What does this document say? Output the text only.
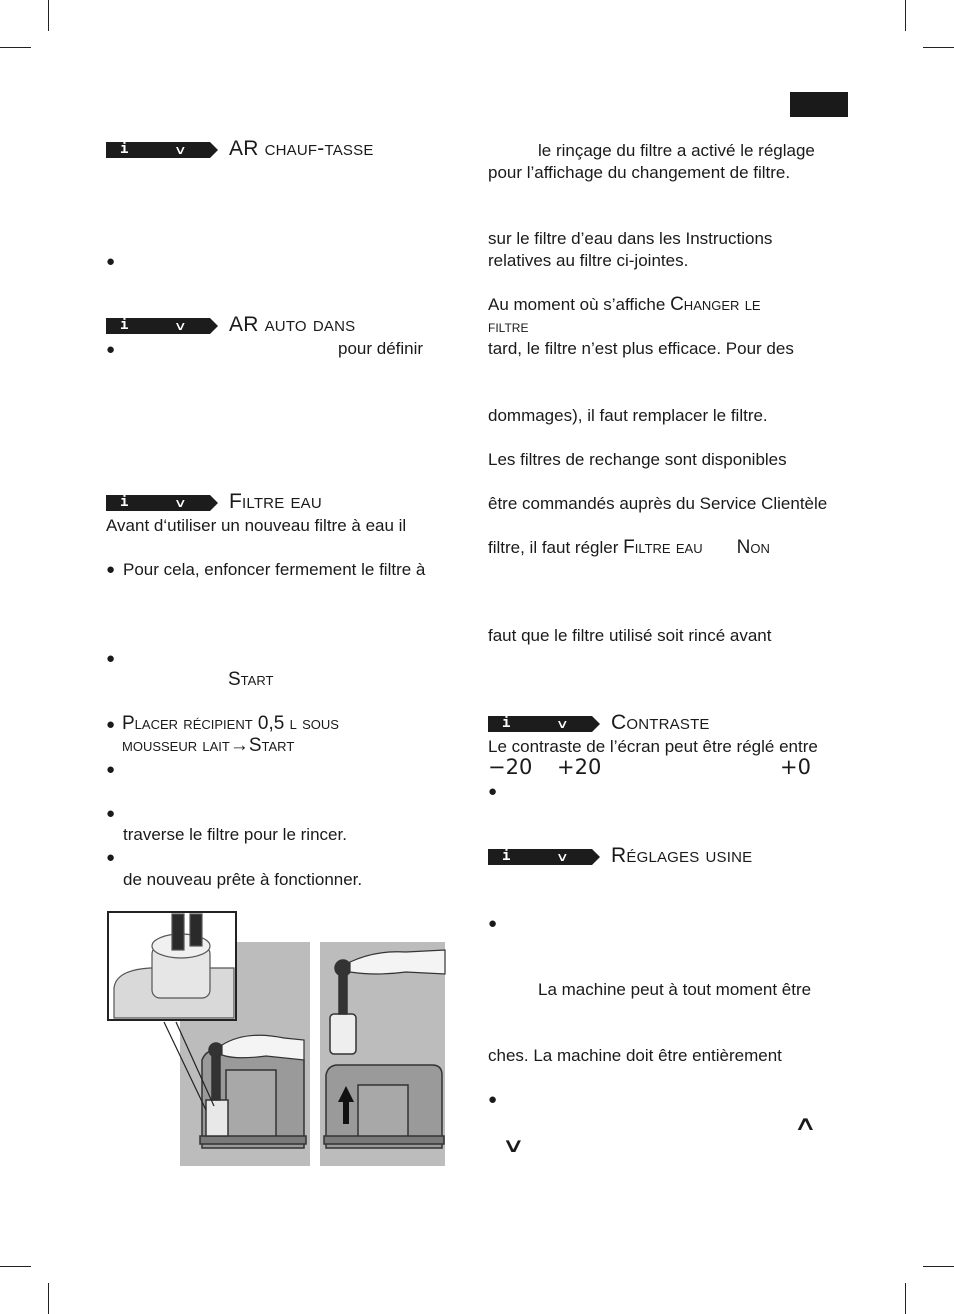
i	∨ AR chauf-tasse
●
i	∨ AR auto dans
●	pour définir
i	∨ Filtre eau
Avant d‘utiliser un nouveau filtre à eau il
● Pour cela, enfoncer fermement le filtre à
●
Start
● Placer récipient 0,5 l sous
mousseur lait→Start
●
●
traverse le filtre pour le rincer.
●
de nouveau prête à fonctionner.
le rinçage du filtre a activé le réglage
pour l’affichage du changement de filtre.
sur le filtre d’eau dans les Instructions
relatives au filtre ci-jointes.
Au moment où s’affiche Changer le
filtre
tard, le filtre n’est plus efficace. Pour des
dommages), il faut remplacer le filtre.
Les filtres de rechange sont disponibles
être commandés auprès du Service Clientèle
filtre, il faut régler Filtre eau Non
faut que le filtre utilisé soit rincé avant
i	∨ Contraste
Le contraste de l’écran peut être réglé entre
−20 +20	+0
●
i	∨ Réglages usine
●
La machine peut à tout moment être
ches. La machine doit être entièrement
●
∧
∨
